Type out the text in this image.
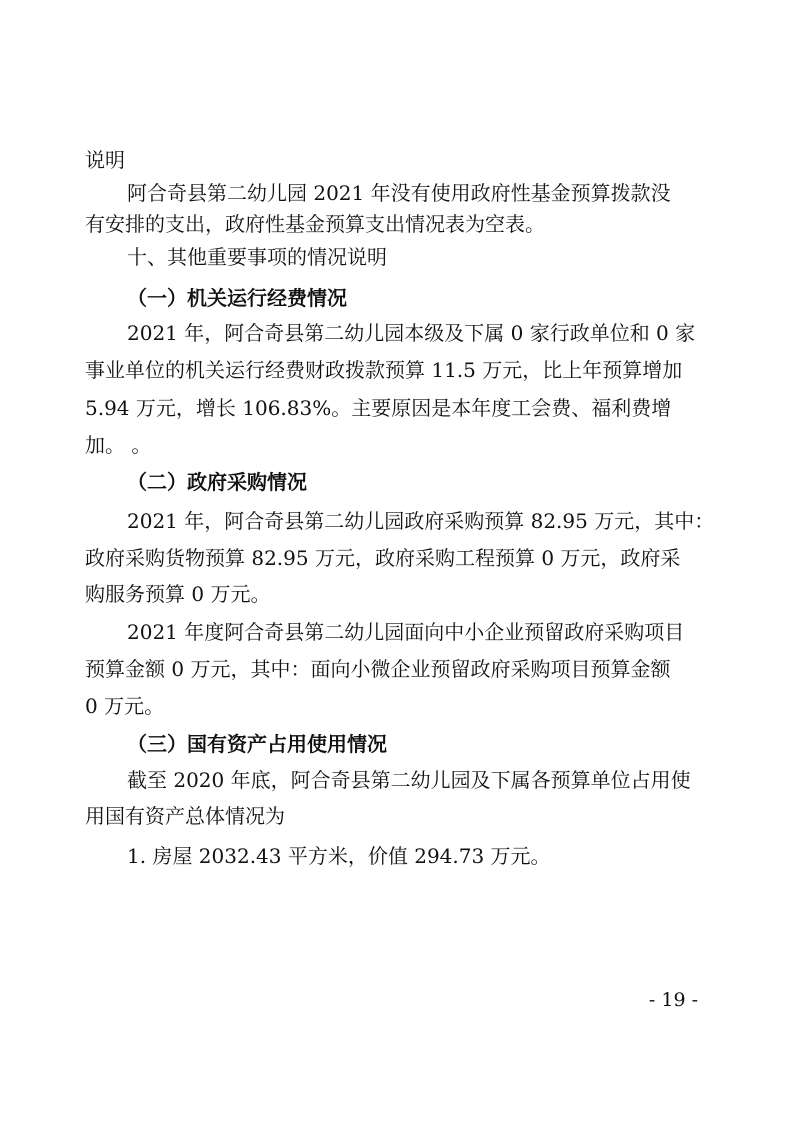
说明
阿合奇县第二幼儿园 2021 年没有使用政府性基金预算拨款没
有安排的支出，政府性基金预算支出情况表为空表。
十、其他重要事项的情况说明
（一）机关运行经费情况
2021 年，阿合奇县第二幼儿园本级及下属 0 家行政单位和 0 家
事业单位的机关运行经费财政拨款预算 11.5 万元，比上年预算增加
5.94 万元，增长 106.83%。主要原因是本年度工会费、福利费增
加。 。
（二）政府采购情况
2021 年，阿合奇县第二幼儿园政府采购预算 82.95 万元，其中：
政府采购货物预算 82.95 万元，政府采购工程预算 0 万元，政府采
购服务预算 0 万元。
2021 年度阿合奇县第二幼儿园面向中小企业预留政府采购项目
预算金额 0 万元，其中：面向小微企业预留政府采购项目预算金额
0 万元。
（三）国有资产占用使用情况
截至 2020 年底，阿合奇县第二幼儿园及下属各预算单位占用使
用国有资产总体情况为
1. 房屋 2032.43 平方米，价值 294.73 万元。
- 19 -
